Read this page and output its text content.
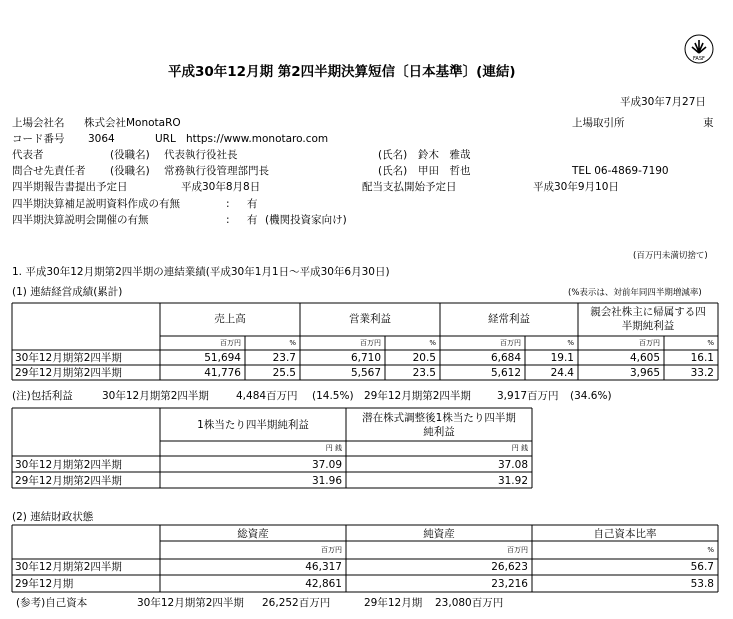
FASF
平成30年12月期 第2四半期決算短信〔日本基準〕(連結)
平成30年7月27日
上場会社名 株式会社MonotaRO	上場取引所	東
コード番号 3064	URL https://www.monotaro.com
代表者	(役職名) 代表執行役社長	(氏名) 鈴木　雅哉
問合せ先責任者 (役職名) 常務執行役管理部門長	(氏名) 甲田　哲也	TEL 06-4869-7190
四半期報告書提出予定日	平成30年8月8日	配当支払開始予定日	平成30年9月10日
四半期決算補足説明資料作成の有無	: 有
四半期決算説明会開催の有無	: 有 (機関投資家向け)
(百万円未満切捨て)
1. 平成30年12月期第2四半期の連結業績(平成30年1月1日～平成30年6月30日)
(1) 連結経営成績(累計)	(%表示は、対前年同四半期増減率)
売上高	営業利益	経常利益
親会社株主に帰属する四
半期純利益
百万円	%	百万円	%	百万円	%	百万円	%
30年12月期第2四半期	51,694	23.7	6,710	20.5	6,684	19.1	4,605	16.1
29年12月期第2四半期	41,776	25.5	5,567	23.5	5,612	24.4	3,965	33.2
(注)包括利益	30年12月期第2四半期	4,484百万円 (14.5%) 29年12月期第2四半期 3,917百万円 (34.6%)
1株当たり四半期純利益
潜在株式調整後1株当たり四半期
純利益
円 銭	円 銭
30年12月期第2四半期	37.09	37.08
29年12月期第2四半期	31.96	31.92
(2) 連結財政状態
総資産	純資産	自己資本比率
百万円	百万円	%
30年12月期第2四半期	46,317	26,623	56.7
29年12月期	42,861	23,216	53.8
(参考)自己資本	30年12月期第2四半期 26,252百万円	29年12月期 23,080百万円
